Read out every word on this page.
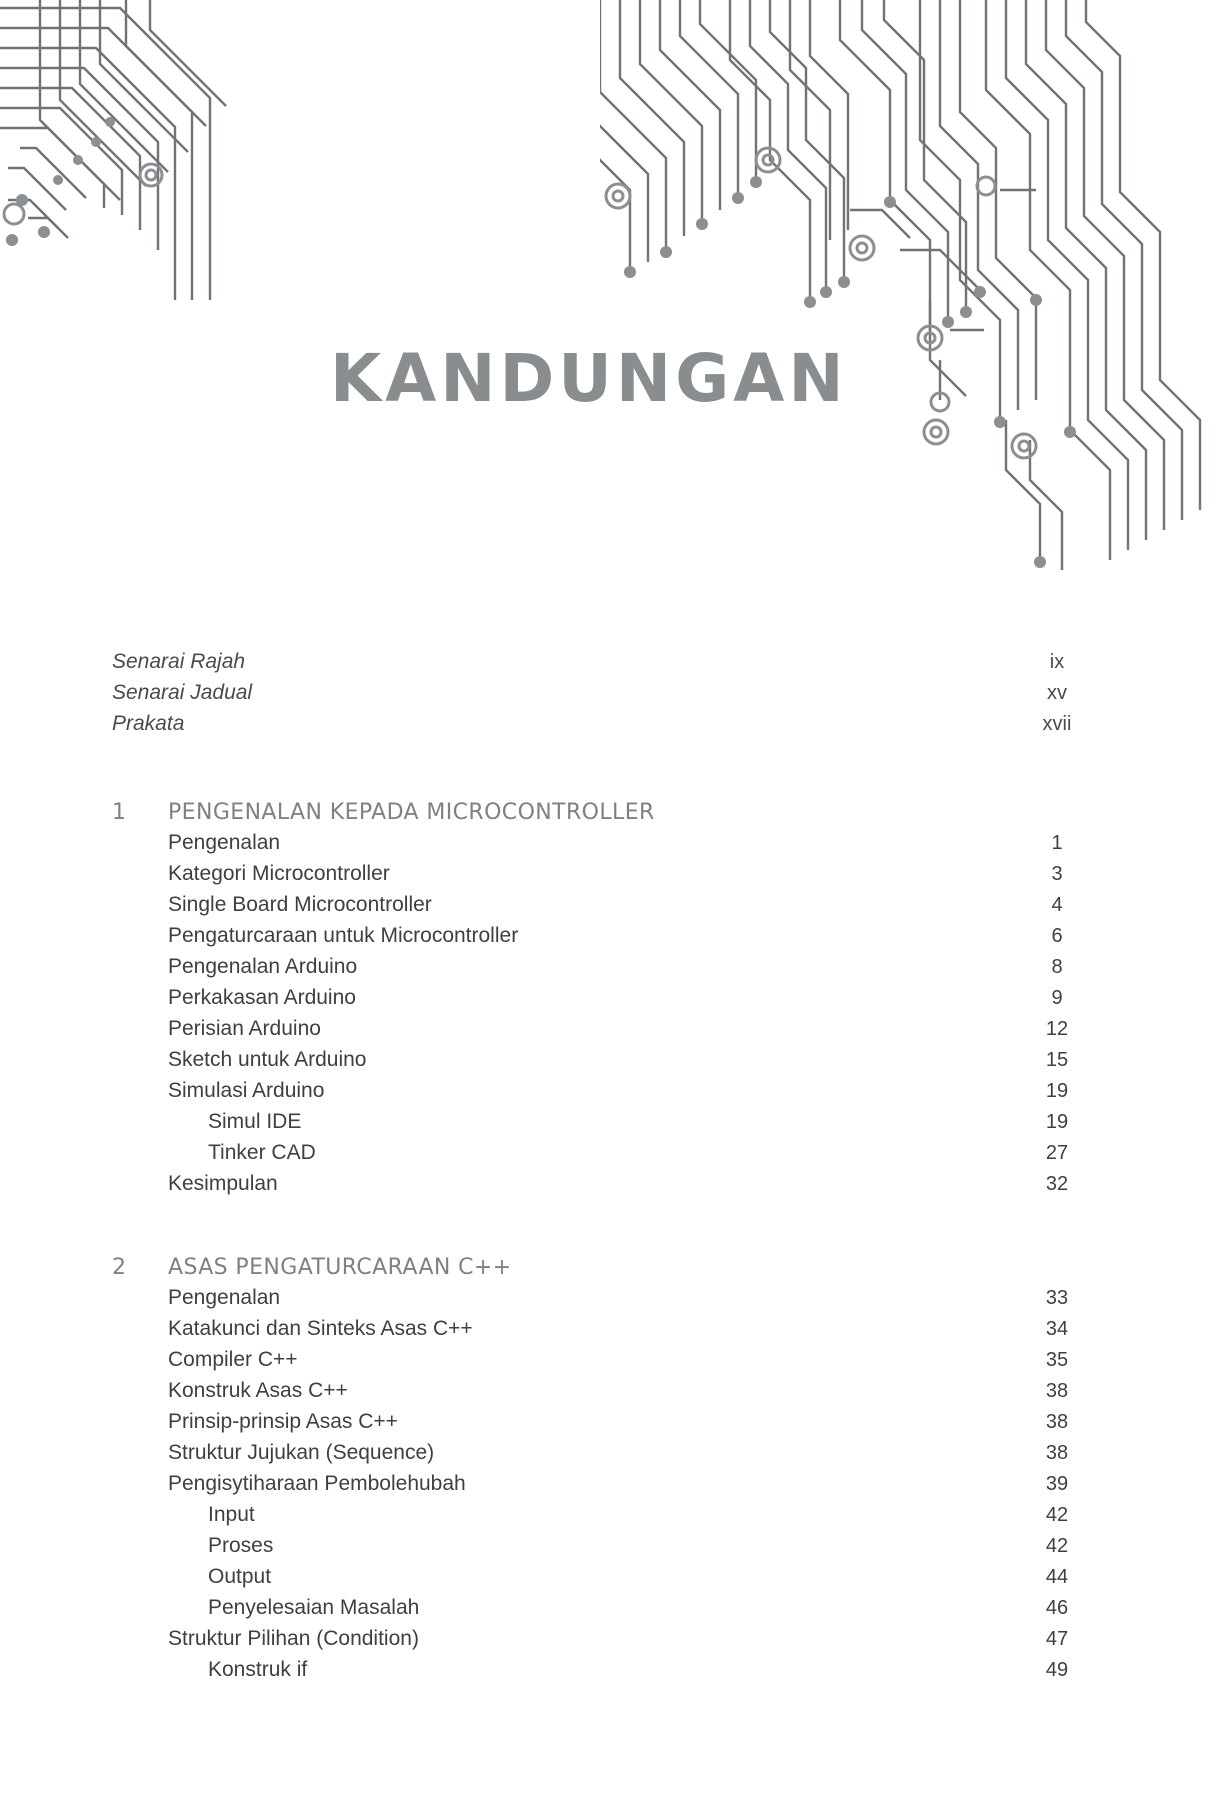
KANDUNGAN
Senarai Rajah	ix
Senarai Jadual	xv
Prakata	xvii
1	PENGENALAN KEPADA MICROCONTROLLER
Pengenalan	1
Kategori Microcontroller	3
Single Board Microcontroller	4
Pengaturcaraan untuk Microcontroller	6
Pengenalan Arduino	8
Perkakasan Arduino	9
Perisian Arduino	12
Sketch untuk Arduino	15
Simulasi Arduino	19
Simul IDE	19
Tinker CAD	27
Kesimpulan	32
2	ASAS PENGATURCARAAN C++
Pengenalan	33
Katakunci dan Sinteks Asas C++	34
Compiler C++	35
Konstruk Asas C++	38
Prinsip-prinsip Asas C++	38
Struktur Jujukan (Sequence)	38
Pengisytiharaan Pembolehubah	39
Input	42
Proses	42
Output	44
Penyelesaian Masalah	46
Struktur Pilihan (Condition)	47
Konstruk if	49
